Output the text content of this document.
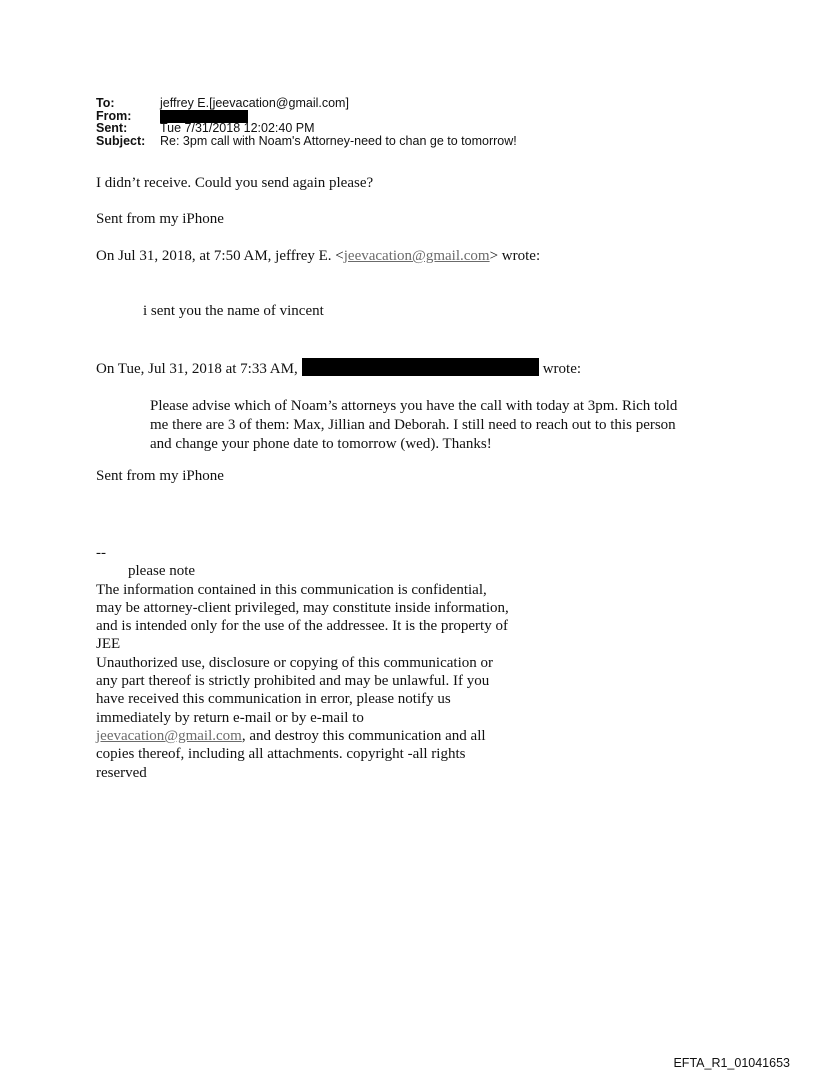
To:	jeffrey E.[jeevacation@gmail.com]
From:
Sent:	Tue 7/31/2018 12:02:40 PM
Subject:	Re: 3pm call with Noam's Attorney-need to chan ge to tomorrow!
I didn’t receive. Could you send again please?
Sent from my iPhone
On Jul 31, 2018, at 7:50 AM, jeffrey E. <jeevacation@gmail.com> wrote:
i sent you the name of vincent
On Tue, Jul 31, 2018 at 7:33 AM,	wrote:
Please advise which of Noam’s attorneys you have the call with today at 3pm. Rich told me there are 3 of them: Max, Jillian and Deborah. I still need to reach out to this person and change your phone date to tomorrow (wed). Thanks!
Sent from my iPhone

--

please note

The information contained in this communication is confidential, may be attorney-client privileged, may constitute inside information, and is intended only for the use of the addressee. It is the property of

JEE

Unauthorized use, disclosure or copying of this communication or any part thereof is strictly prohibited and may be unlawful. If you have received this communication in error, please notify us immediately by return e-mail or by e-mail to jeevacation@gmail.com, and destroy this communication and all copies thereof, including all attachments. copyright -all rights reserved

EFTA_R1_01041653
